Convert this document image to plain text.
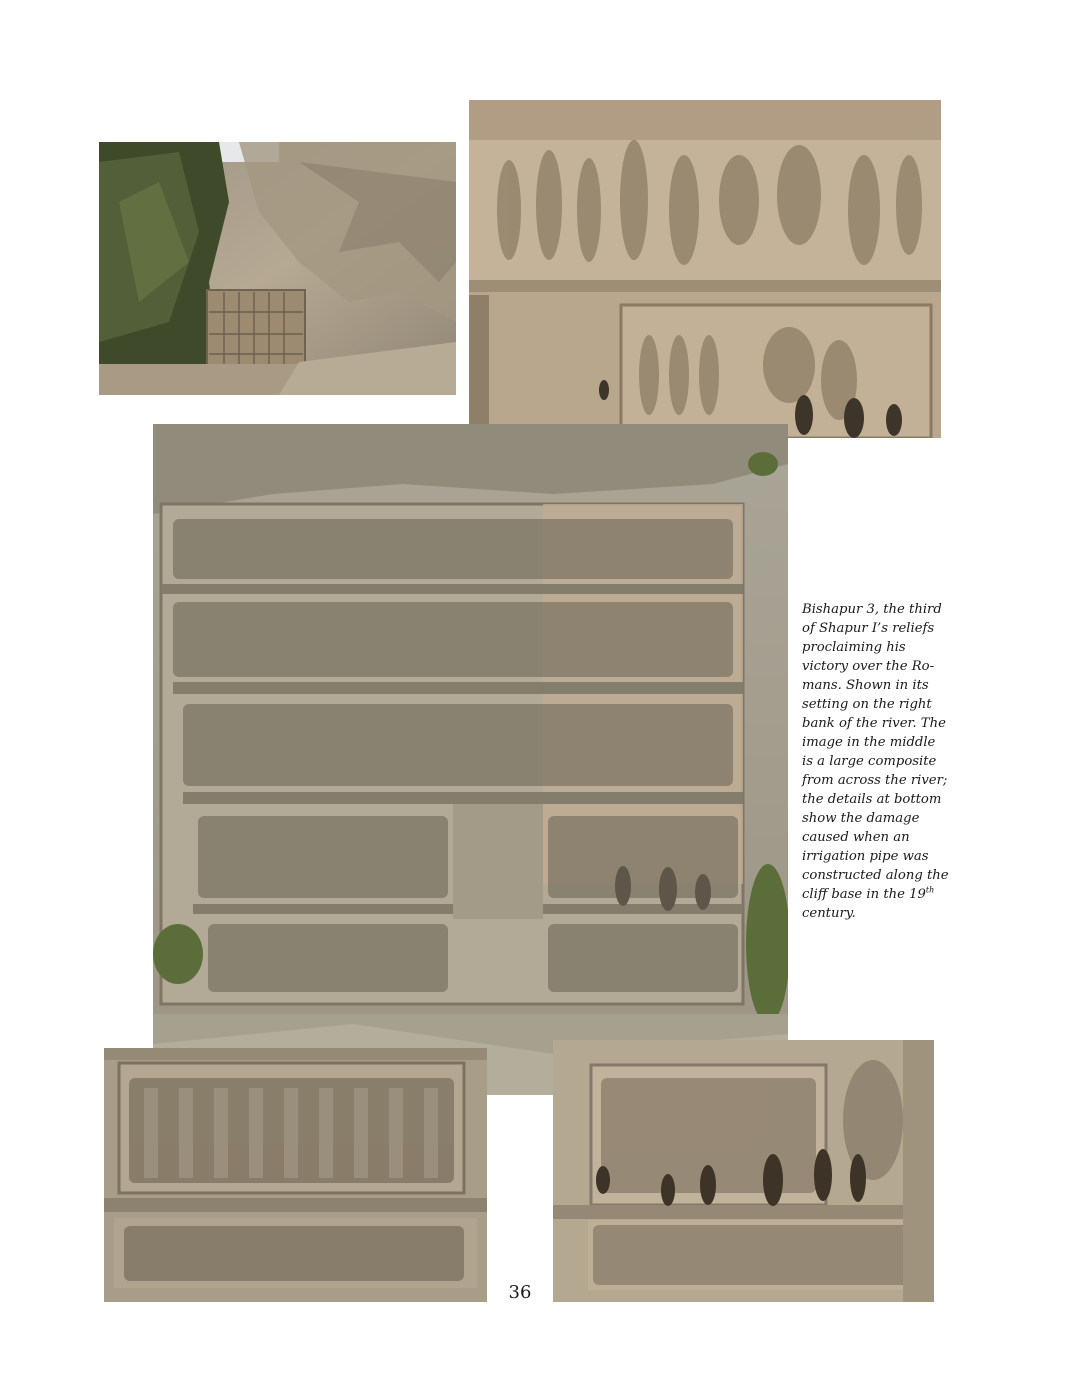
Bishapur 3, the third of Shapur I’s reliefs proclaiming his victory over the Ro-mans. Shown in its setting on the right bank of the river. The image in the middle is a large composite from across the river; the details at bottom show the damage caused when an irrigation pipe was constructed along the cliff base in the 19th century.

36
